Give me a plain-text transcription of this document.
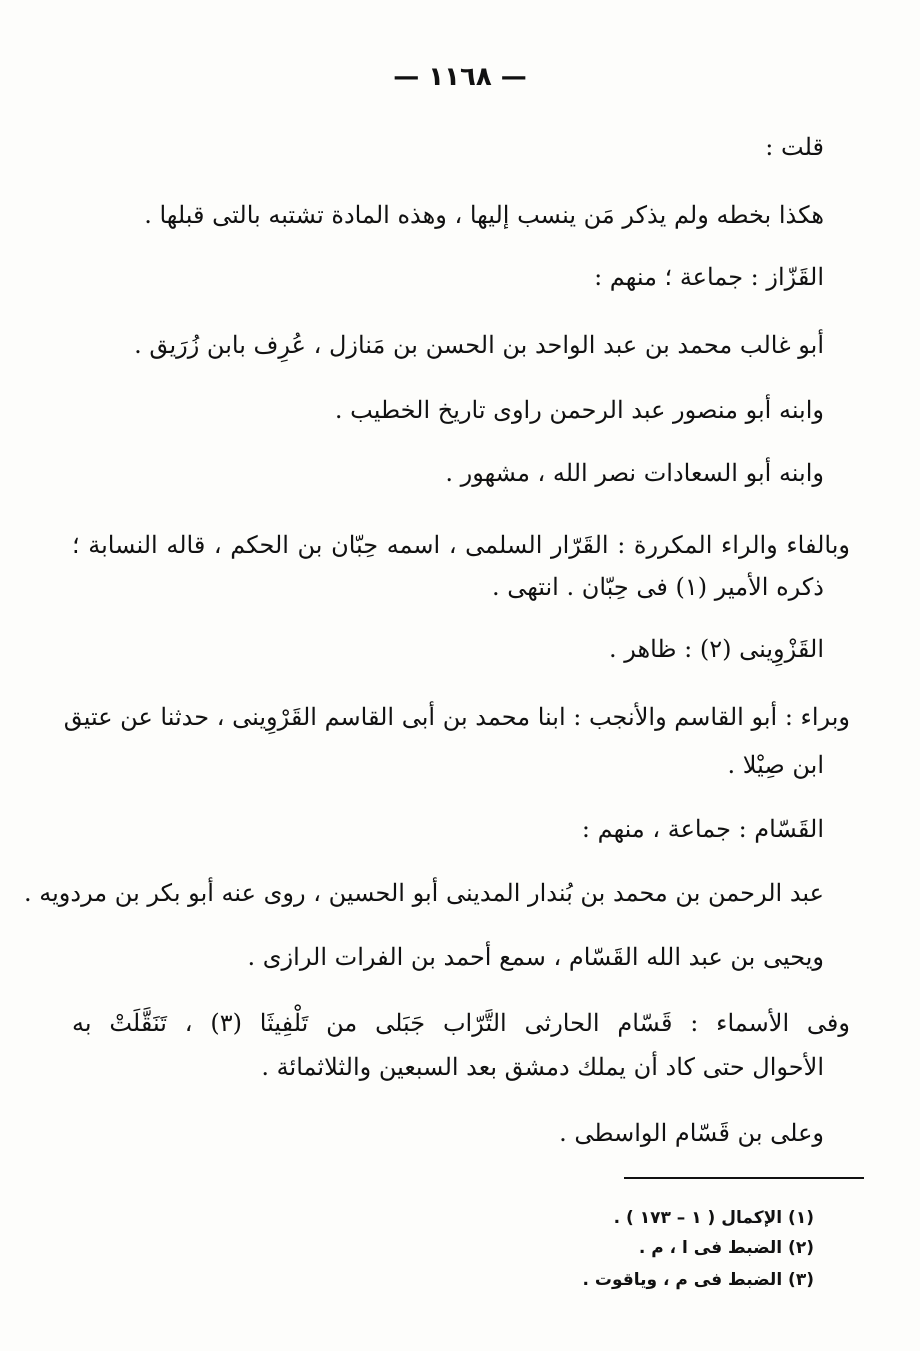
— ١١٦٨ —
قلت :
هكذا بخطه ولم يذكر مَن ينسب إليها ، وهذه المادة تشتبه بالتى قبلها .
القَزّاز : جماعة ؛ منهم :
أبو غالب محمد بن عبد الواحد بن الحسن بن مَنازل ، عُرِف بابن زُرَيق .
وابنه أبو منصور عبد الرحمن راوى تاريخ الخطيب .
وابنه أبو السعادات نصر الله ، مشهور .
وبالفاء والراء المكررة : القَرّار السلمى ، اسمه حِبّان بن الحكم ، قاله النسابة ؛
ذكره الأمير (١) فى حِبّان . انتهى .
القَزْوِينى (٢) : ظاهر .
وبراء : أبو القاسم والأنجب : ابنا محمد بن أبى القاسم القَرْوِينى ، حدثنا عن عتيق
ابن صِيْلا .
القَسّام : جماعة ، منهم :
عبد الرحمن بن محمد بن بُندار المدينى أبو الحسين ، روى عنه أبو بكر بن مردويه .
ويحيى بن عبد الله القَسّام ، سمع أحمد بن الفرات الرازى .
وفى الأسماء : قَسّام الحارثى التَّرّاب جَبَلى من تَلْفِيثَا (٣) ، تَنَقَّلَتْ به
الأحوال حتى كاد أن يملك دمشق بعد السبعين والثلاثمائة .
وعلى بن قَسّام الواسطى .
(١) الإكمال ( ١ – ١٧٣ ) .
(٢) الضبط فى ا ، م .
(٣) الضبط فى م ، وياقوت .
